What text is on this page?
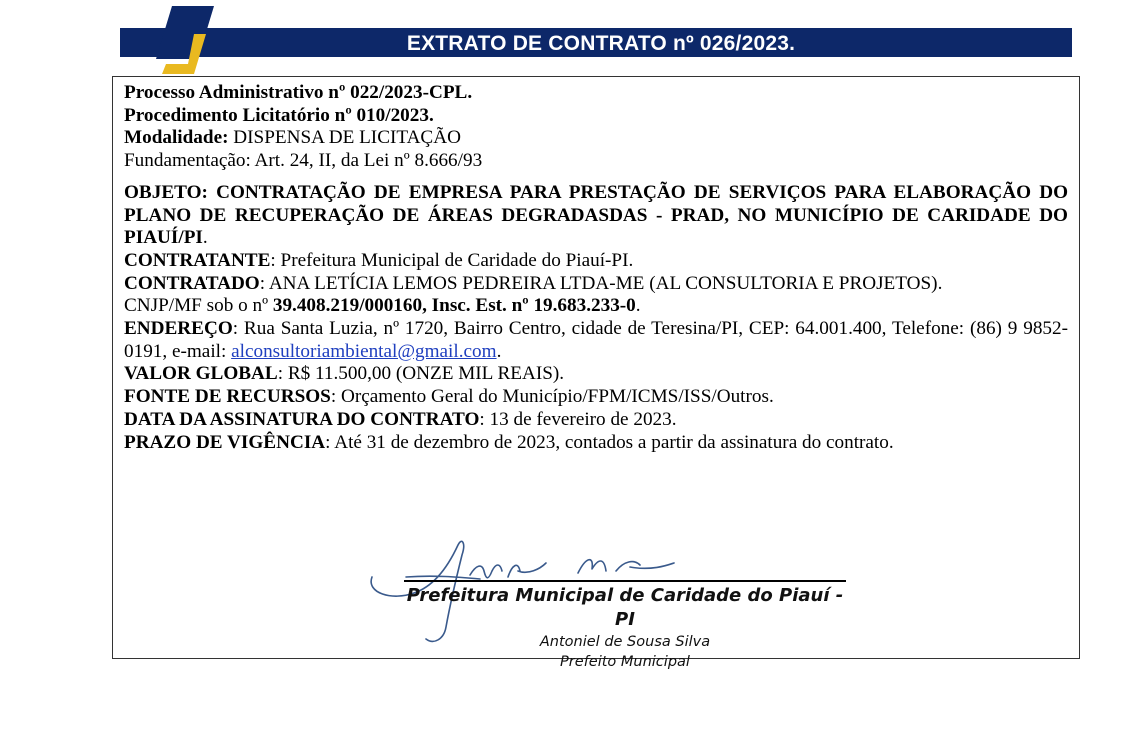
EXTRATO DE CONTRATO nº 026/2023.

Processo Administrativo nº 022/2023-CPL.

Procedimento Licitatório nº 010/2023.

Modalidade: DISPENSA DE LICITAÇÃO

Fundamentação: Art. 24, II, da Lei nº 8.666/93

OBJETO: CONTRATAÇÃO DE EMPRESA PARA PRESTAÇÃO DE SERVIÇOS PARA ELABORAÇÃO DO PLANO DE RECUPERAÇÃO DE ÁREAS DEGRADASDAS - PRAD, NO MUNICÍPIO DE CARIDADE DO PIAUÍ/PI.

CONTRATANTE: Prefeitura Municipal de Caridade do Piauí-PI.

CONTRATADO: ANA LETÍCIA LEMOS PEDREIRA LTDA-ME (AL CONSULTORIA E PROJETOS).

CNJP/MF sob o nº 39.408.219/000160, Insc. Est. nº 19.683.233-0.

ENDEREÇO: Rua Santa Luzia, nº 1720, Bairro Centro, cidade de Teresina/PI, CEP: 64.001.400, Telefone: (86) 9 9852-0191, e-mail: alconsultoriambiental@gmail.com.

VALOR GLOBAL: R$ 11.500,00 (ONZE MIL REAIS).

FONTE DE RECURSOS: Orçamento Geral do Município/FPM/ICMS/ISS/Outros.

DATA DA ASSINATURA DO CONTRATO: 13 de fevereiro de 2023.

PRAZO DE VIGÊNCIA: Até 31 de dezembro de 2023, contados a partir da assinatura do contrato.

Prefeitura Municipal de Caridade do Piauí - PI
Antoniel de Sousa Silva
Prefeito Municipal
